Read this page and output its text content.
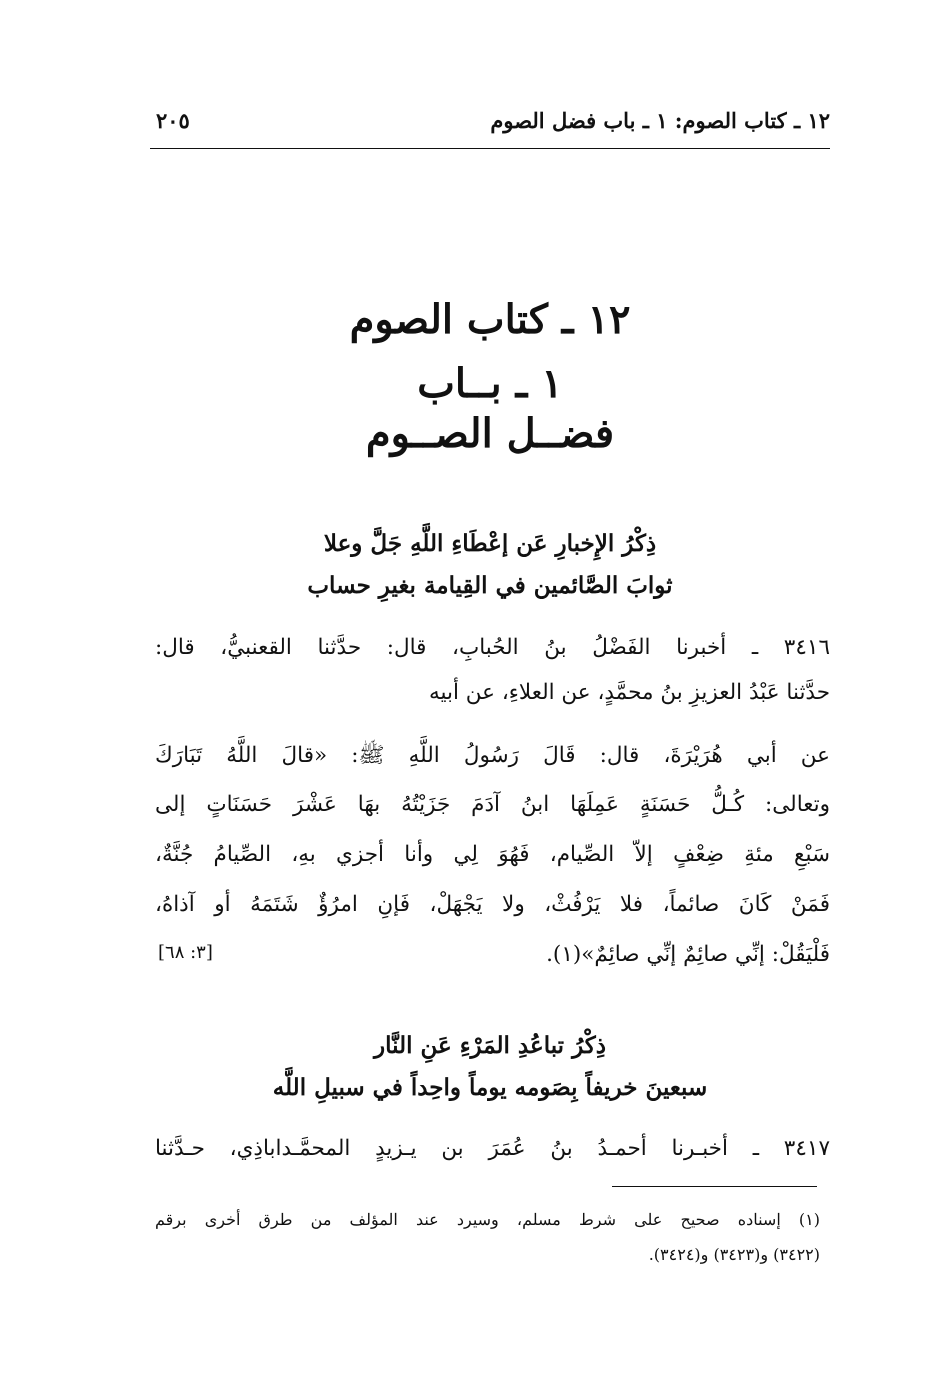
١٢ ـ كتاب الصوم: ١ ـ باب فضل الصوم
٢٠٥
١٢ ـ كتاب الصوم
١ ـ بــاب
فضــل الصــوم
ذِكْرُ الإِخبارِ عَن إعْطَاءِ اللَّهِ جَلَّ وعلا
ثوابَ الصَّائمين في القِيامة بغيرِ حساب
٣٤١٦ ـ أخبرنا الفَضْلُ بنُ الحُبابِ، قال: حدَّثنا القعنبيُّ، قال:
حدَّثنا عَبْدُ العزيزِ بنُ محمَّدٍ، عن العلاءِ، عن أبيه
عن أبي هُرَيْرَةَ، قال: قَالَ رَسُولُ اللَّهِ ﷺ: «قالَ اللَّهُ تَبَارَكَ
وتعالى: كُـلُّ حَسَنَةٍ عَمِلَهَا ابنُ آدَمَ جَزَيْتُهُ بهَا عَشْرَ حَسَنَاتٍ إلى
سَبْعِ مئةِ ضِعْفٍ إلاّ الصِّيام، فَهُوَ لِي وأنا أجزي بهِ، الصِّيامُ جُنَّةٌ،
فَمَنْ كَانَ صائماً، فلا يَرْفُثْ، ولا يَجْهَلْ، فَإنِ امرُؤٌ شَتَمَهُ أو آذاهُ،
فَلْيَقُلْ: إنِّي صائِمٌ إنِّي صائِمٌ»(١).
[٣: ٦٨]
ذِكْرُ تباعُدِ المَرْءِ عَنِ النَّار
سبعينَ خريفاً بِصَومه يوماً واحِداً في سبيلِ اللَّه
٣٤١٧ ـ أخبـرنا أحمـدُ بنُ عُمَرَ بن يـزيدٍ المحمَّـداباذِي، حـدَّثنا
(١) إسناده صحيح على شرط مسلم، وسيرد عند المؤلف من طرق أخرى برقم
(٣٤٢٢) و(٣٤٢٣) و(٣٤٢٤).
